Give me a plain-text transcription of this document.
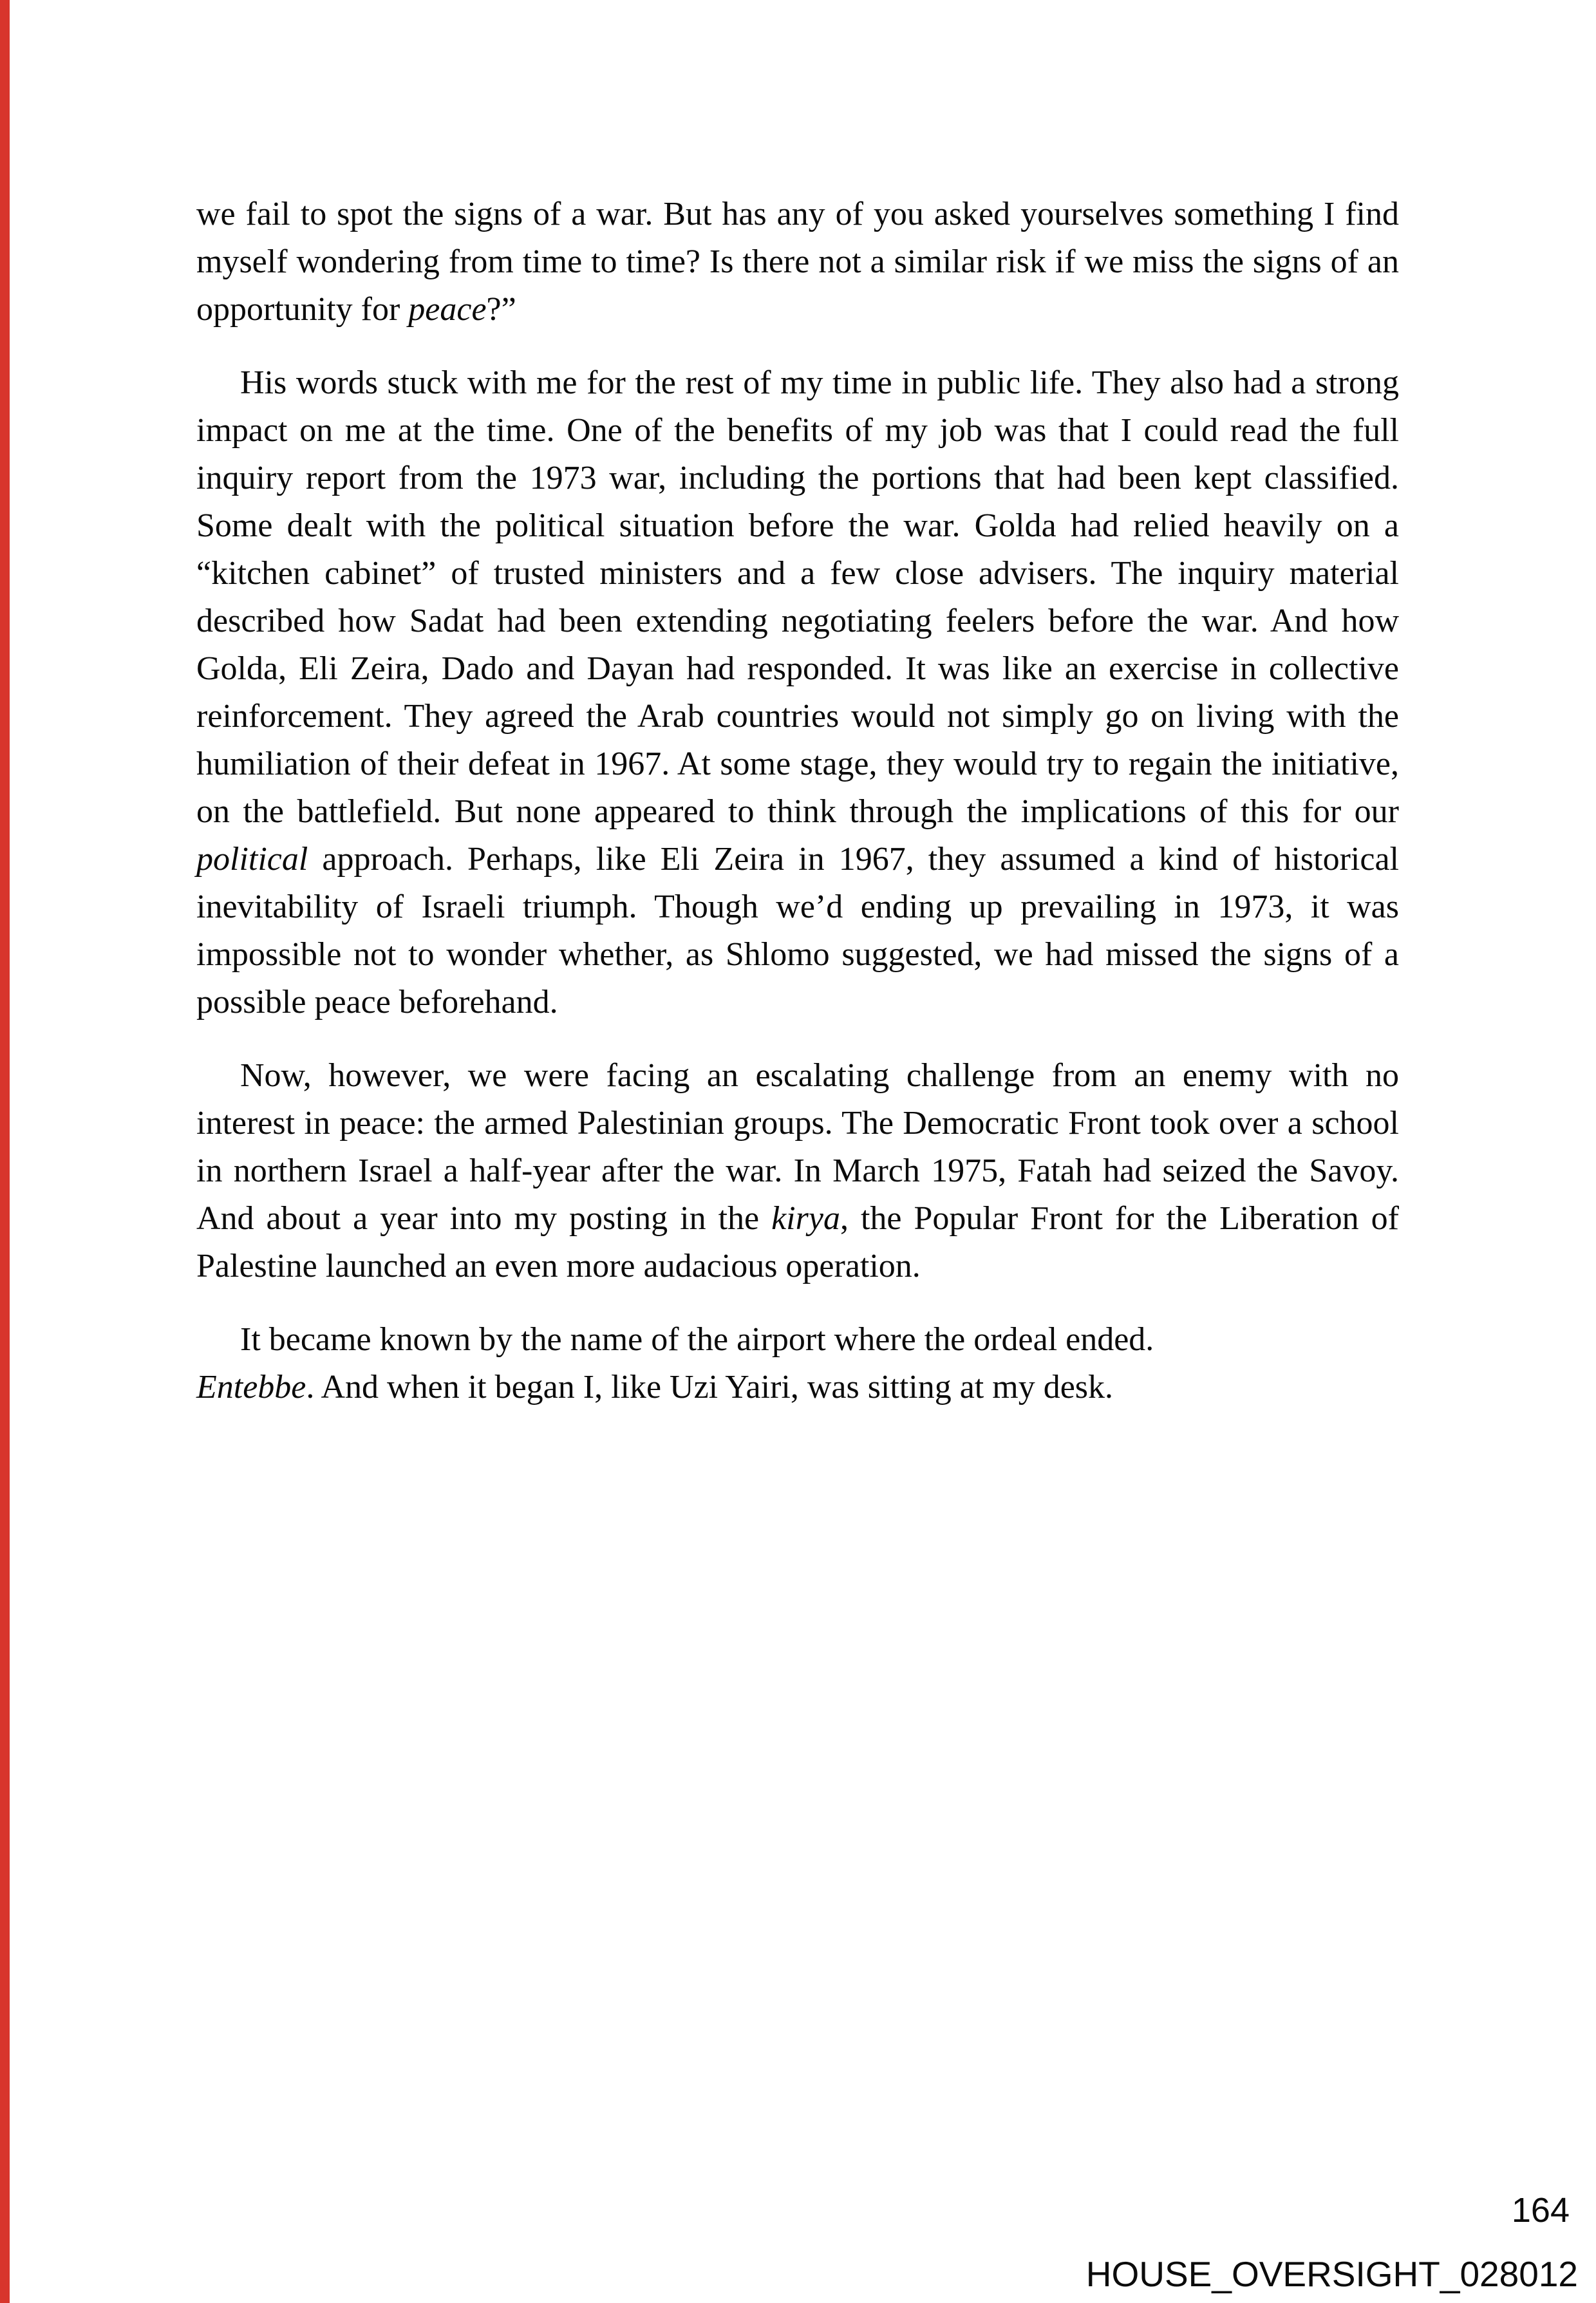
we fail to spot the signs of a war. But has any of you asked yourselves something I find myself wondering from time to time? Is there not a similar risk if we miss the signs of an opportunity for peace?”

His words stuck with me for the rest of my time in public life. They also had a strong impact on me at the time. One of the benefits of my job was that I could read the full inquiry report from the 1973 war, including the portions that had been kept classified. Some dealt with the political situation before the war. Golda had relied heavily on a “kitchen cabinet” of trusted ministers and a few close advisers. The inquiry material described how Sadat had been extending negotiating feelers before the war. And how Golda, Eli Zeira, Dado and Dayan had responded. It was like an exercise in collective reinforcement. They agreed the Arab countries would not simply go on living with the humiliation of their defeat in 1967. At some stage, they would try to regain the initiative, on the battlefield. But none appeared to think through the implications of this for our political approach. Perhaps, like Eli Zeira in 1967, they assumed a kind of historical inevitability of Israeli triumph. Though we’d ending up prevailing in 1973, it was impossible not to wonder whether, as Shlomo suggested, we had missed the signs of a possible peace beforehand.

Now, however, we were facing an escalating challenge from an enemy with no interest in peace: the armed Palestinian groups. The Democratic Front took over a school in northern Israel a half-year after the war. In March 1975, Fatah had seized the Savoy. And about a year into my posting in the kirya, the Popular Front for the Liberation of Palestine launched an even more audacious operation.

It became known by the name of the airport where the ordeal ended.
Entebbe. And when it began I, like Uzi Yairi, was sitting at my desk.

164
HOUSE_OVERSIGHT_028012
